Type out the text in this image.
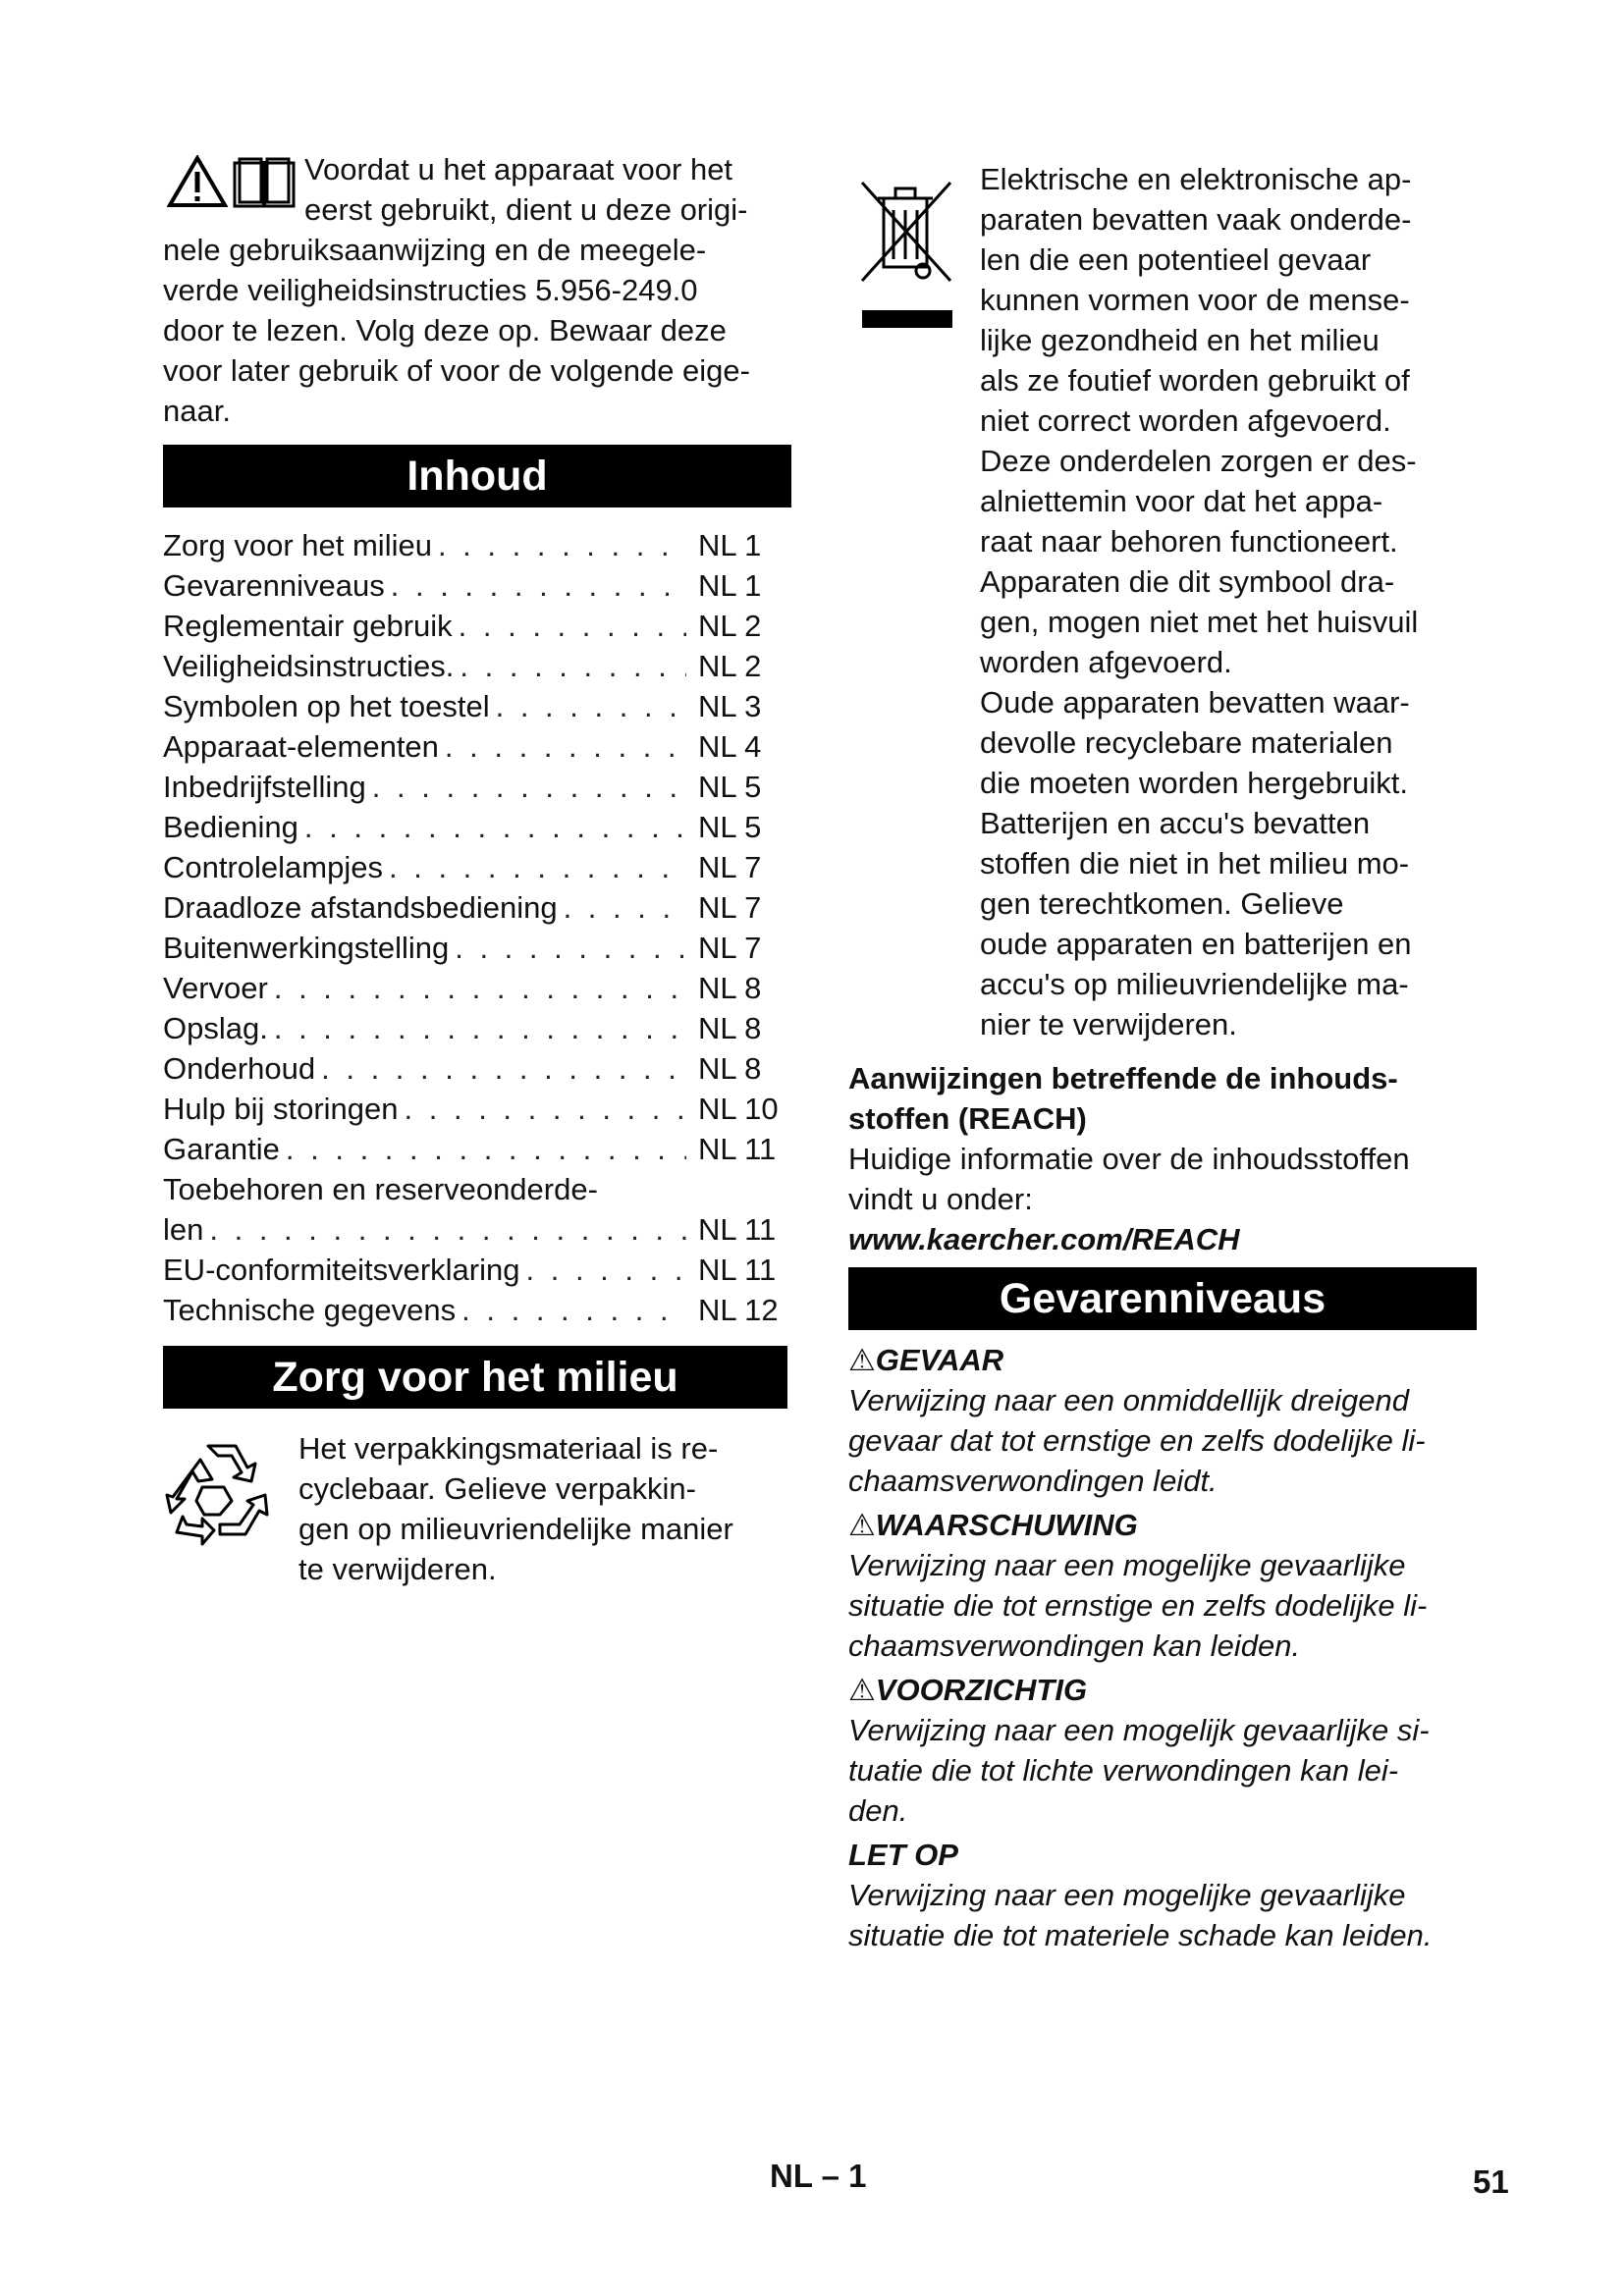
Voordat u het apparaat voor het

eerst gebruikt, dient u deze origi-

nele gebruiksaanwijzing en de meegele-

verde veiligheidsinstructies 5.956-249.0

door te lezen. Volg deze op. Bewaar deze

voor later gebruik of voor de volgende eige-

naar.

Inhoud
Zorg voor het milieu . . .	NL 1
Gevarenniveaus . . .	NL 1
Reglementair gebruik . . .	NL 2
Veiligheidsinstructies. . . .	NL 2
Symbolen op het toestel . . .	NL 3
Apparaat-elementen . . .	NL 4
Inbedrijfstelling . . .	NL 5
Bediening . . .	NL 5
Controlelampjes . . .	NL 7
Draadloze afstandsbediening . . .	NL 7
Buitenwerkingstelling . . .	NL 7
Vervoer . . .	NL 8
Opslag. . . .	NL 8
Onderhoud . . .	NL 8
Hulp bij storingen . . .	NL 10
Garantie . . .	NL 11
Toebehoren en reserveonderde-
len . . .	NL 11
EU-conformiteitsverklaring . . .	NL 11
Technische gegevens . . .	NL 12
Zorg voor het milieu

Het verpakkingsmateriaal is re-

cyclebaar. Gelieve verpakkin-

gen op milieuvriendelijke manier

te verwijderen.

Elektrische en elektronische ap-

paraten bevatten vaak onderde-

len die een potentieel gevaar

kunnen vormen voor de mense-

lijke gezondheid en het milieu

als ze foutief worden gebruikt of

niet correct worden afgevoerd.

Deze onderdelen zorgen er des-

alniettemin voor dat het appa-

raat naar behoren functioneert.

Apparaten die dit symbool dra-

gen, mogen niet met het huisvuil

worden afgevoerd.

Oude apparaten bevatten waar-

devolle recyclebare materialen

die moeten worden hergebruikt.

Batterijen en accu's bevatten

stoffen die niet in het milieu mo-

gen terechtkomen. Gelieve

oude apparaten en batterijen en

accu's op milieuvriendelijke ma-

nier te verwijderen.

Aanwijzingen betreffende de inhouds-
stoffen (REACH)

Huidige informatie over de inhoudsstoffen

vindt u onder:

www.kaercher.com/REACH
Gevarenniveaus
⚠GEVAAR
Verwijzing naar een onmiddellijk dreigend
gevaar dat tot ernstige en zelfs dodelijke li-
chaamsverwondingen leidt.
⚠WAARSCHUWING
Verwijzing naar een mogelijke gevaarlijke
situatie die tot ernstige en zelfs dodelijke li-
chaamsverwondingen kan leiden.
⚠VOORZICHTIG
Verwijzing naar een mogelijk gevaarlijke si-
tuatie die tot lichte verwondingen kan lei-
den.
LET OP
Verwijzing naar een mogelijke gevaarlijke
situatie die tot materiele schade kan leiden.
NL – 1	51
